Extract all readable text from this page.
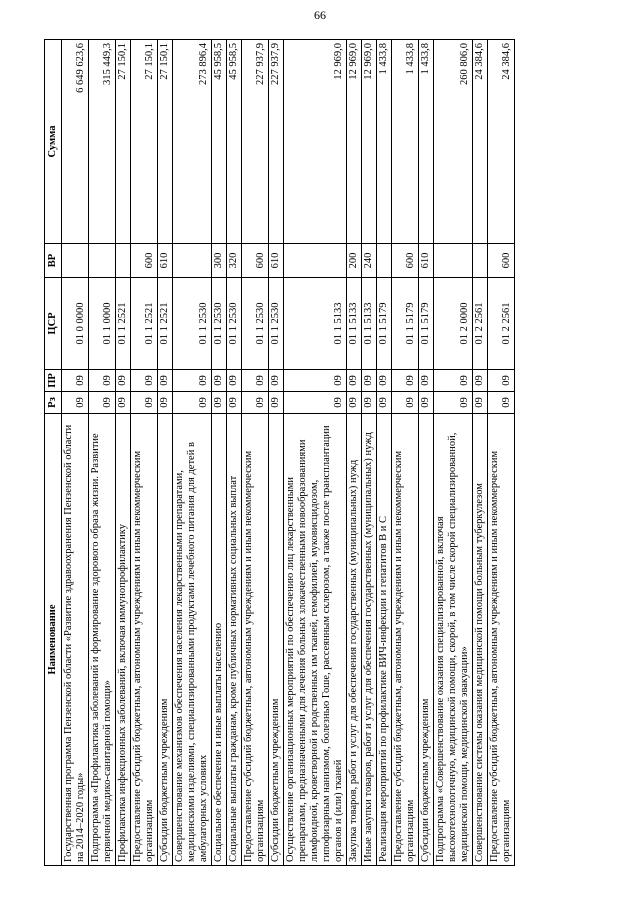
66
Наименование	Рз	ПР	ЦСР	ВР	Сумма
Государственная программа Пензенской области «Развитие здравоохранения Пензенской области на 2014–2020 годы»	09	09	01 0 0000		6 649 623,6
Подпрограмма «Профилактика заболеваний и формирование здорового образа жизни. Развитие первичной медико-санитарной помощи»	09	09	01 1 0000		315 449,3
Профилактика инфекционных заболеваний, включая иммунопрофилактику	09	09	01 1 2521		27 150,1
Предоставление субсидий бюджетным, автономным учреждениям и иным некоммерческим организациям	09	09	01 1 2521	600	27 150,1
Субсидии бюджетным учреждениям	09	09	01 1 2521	610	27 150,1
Совершенствование механизмов обеспечения населения лекарственными препаратами, медицинскими изделиями, специализированными продуктами лечебного питания для детей в амбулаторных условиях	09	09	01 1 2530		273 896,4
Социальное обеспечение и иные выплаты населению	09	09	01 1 2530	300	45 958,5
Социальные выплаты гражданам, кроме публичных нормативных социальных выплат	09	09	01 1 2530	320	45 958,5
Предоставление субсидий бюджетным, автономным учреждениям и иным некоммерческим организациям	09	09	01 1 2530	600	227 937,9
Субсидии бюджетным учреждениям	09	09	01 1 2530	610	227 937,9
Осуществление организационных мероприятий по обеспечению лиц лекарственными препаратами, предназначенными для лечения больных злокачественными новообразованиями лимфоидной, кроветворной и родственных им тканей, гемофилией, муковисцидозом, гипофизарным нанизмом, болезнью Гоше, рассеянным склерозом, а также после трансплантации органов и (или) тканей	09	09	01 1 5133		12 969,0
Закупка товаров, работ и услуг для обеспечения государственных (муниципальных) нужд	09	09	01 1 5133	200	12 969,0
Иные закупки товаров, работ и услуг для обеспечения государственных (муниципальных) нужд	09	09	01 1 5133	240	12 969,0
Реализация мероприятий по профилактике ВИЧ-инфекции и гепатитов B и C	09	09	01 1 5179		1 433,8
Предоставление субсидий бюджетным, автономным учреждениям и иным некоммерческим организациям	09	09	01 1 5179	600	1 433,8
Субсидии бюджетным учреждениям	09	09	01 1 5179	610	1 433,8
Подпрограмма «Совершенствование оказания специализированной, включая высокотехнологичную, медицинской помощи, скорой, в том числе скорой специализированной, медицинской помощи, медицинской эвакуации»	09	09	01 2 0000		260 806,0
Совершенствование системы оказания медицинской помощи больным туберкулезом	09	09	01 2 2561		24 384,6
Предоставление субсидий бюджетным, автономным учреждениям и иным некоммерческим организациям	09	09	01 2 2561	600	24 384,6
